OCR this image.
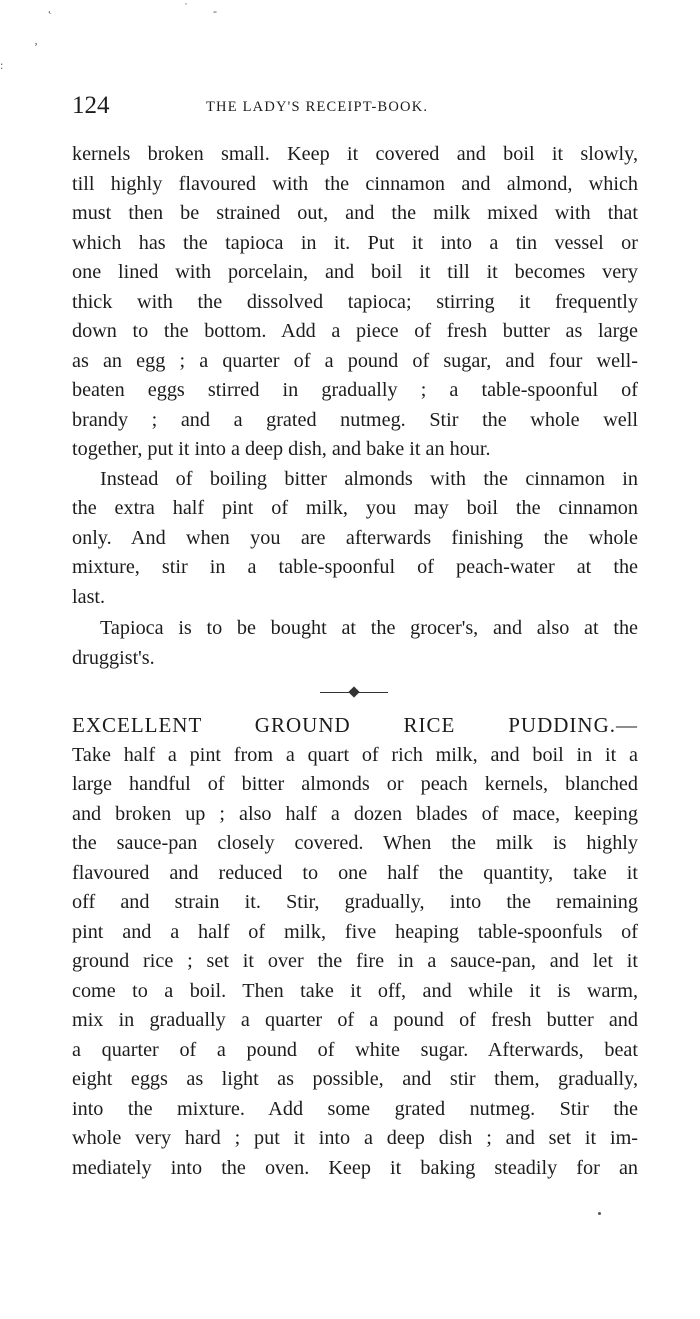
˛	˙ -
ʼ
:
124	THE LADY'S RECEIPT-BOOK.
kernels broken small. Keep it covered and boil it slowly,
till highly flavoured with the cinnamon and almond, which
must then be strained out, and the milk mixed with that
which has the tapioca in it. Put it into a tin vessel or
one lined with porcelain, and boil it till it becomes very
thick with the dissolved tapioca; stirring it frequently
down to the bottom. Add a piece of fresh butter as large
as an egg ; a quarter of a pound of sugar, and four well-
beaten eggs stirred in gradually ; a table-spoonful of
brandy ; and a grated nutmeg. Stir the whole well
together, put it into a deep dish, and bake it an hour.
Instead of boiling bitter almonds with the cinnamon in
the extra half pint of milk, you may boil the cinnamon
only. And when you are afterwards finishing the whole
mixture, stir in a table-spoonful of peach-water at the
last.
Tapioca is to be bought at the grocer's, and also at the
druggist's.
EXCELLENT GROUND RICE PUDDING.—
Take half a pint from a quart of rich milk, and boil in it a
large handful of bitter almonds or peach kernels, blanched
and broken up ; also half a dozen blades of mace, keeping
the sauce-pan closely covered. When the milk is highly
flavoured and reduced to one half the quantity, take it
off and strain it. Stir, gradually, into the remaining
pint and a half of milk, five heaping table-spoonfuls of
ground rice ; set it over the fire in a sauce-pan, and let it
come to a boil. Then take it off, and while it is warm,
mix in gradually a quarter of a pound of fresh butter and
a quarter of a pound of white sugar. Afterwards, beat
eight eggs as light as possible, and stir them, gradually,
into the mixture. Add some grated nutmeg. Stir the
whole very hard ; put it into a deep dish ; and set it im-
mediately into the oven. Keep it baking steadily for an
